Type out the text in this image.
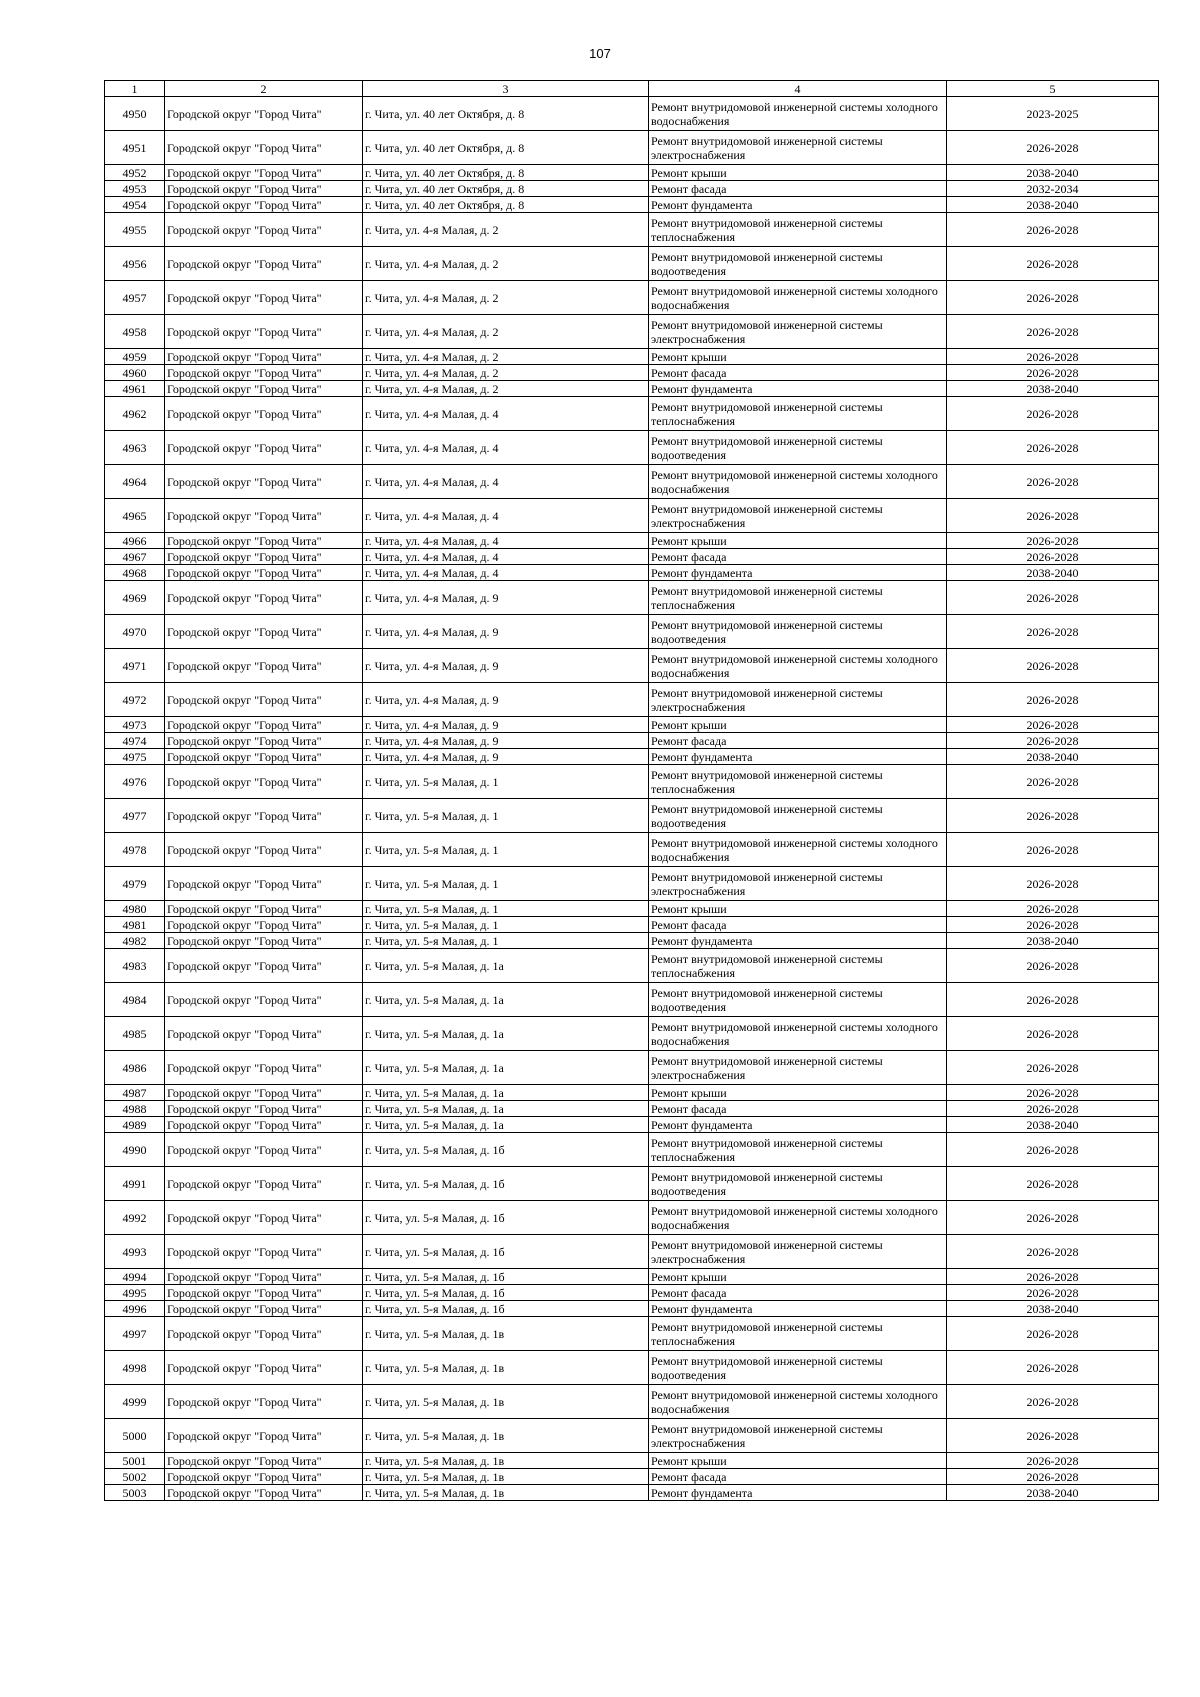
107
1	2	3	4	5
4950	Городской округ "Город Чита"	г. Чита, ул. 40 лет Октября, д. 8	Ремонт внутридомовой инженерной системы холодного водоснабжения	2023-2025
4951	Городской округ "Город Чита"	г. Чита, ул. 40 лет Октября, д. 8	Ремонт внутридомовой инженерной системы электроснабжения	2026-2028
4952	Городской округ "Город Чита"	г. Чита, ул. 40 лет Октября, д. 8	Ремонт крыши	2038-2040
4953	Городской округ "Город Чита"	г. Чита, ул. 40 лет Октября, д. 8	Ремонт фасада	2032-2034
4954	Городской округ "Город Чита"	г. Чита, ул. 40 лет Октября, д. 8	Ремонт фундамента	2038-2040
4955	Городской округ "Город Чита"	г. Чита, ул. 4-я Малая, д. 2	Ремонт внутридомовой инженерной системы теплоснабжения	2026-2028
4956	Городской округ "Город Чита"	г. Чита, ул. 4-я Малая, д. 2	Ремонт внутридомовой инженерной системы водоотведения	2026-2028
4957	Городской округ "Город Чита"	г. Чита, ул. 4-я Малая, д. 2	Ремонт внутридомовой инженерной системы холодного водоснабжения	2026-2028
4958	Городской округ "Город Чита"	г. Чита, ул. 4-я Малая, д. 2	Ремонт внутридомовой инженерной системы электроснабжения	2026-2028
4959	Городской округ "Город Чита"	г. Чита, ул. 4-я Малая, д. 2	Ремонт крыши	2026-2028
4960	Городской округ "Город Чита"	г. Чита, ул. 4-я Малая, д. 2	Ремонт фасада	2026-2028
4961	Городской округ "Город Чита"	г. Чита, ул. 4-я Малая, д. 2	Ремонт фундамента	2038-2040
4962	Городской округ "Город Чита"	г. Чита, ул. 4-я Малая, д. 4	Ремонт внутридомовой инженерной системы теплоснабжения	2026-2028
4963	Городской округ "Город Чита"	г. Чита, ул. 4-я Малая, д. 4	Ремонт внутридомовой инженерной системы водоотведения	2026-2028
4964	Городской округ "Город Чита"	г. Чита, ул. 4-я Малая, д. 4	Ремонт внутридомовой инженерной системы холодного водоснабжения	2026-2028
4965	Городской округ "Город Чита"	г. Чита, ул. 4-я Малая, д. 4	Ремонт внутридомовой инженерной системы электроснабжения	2026-2028
4966	Городской округ "Город Чита"	г. Чита, ул. 4-я Малая, д. 4	Ремонт крыши	2026-2028
4967	Городской округ "Город Чита"	г. Чита, ул. 4-я Малая, д. 4	Ремонт фасада	2026-2028
4968	Городской округ "Город Чита"	г. Чита, ул. 4-я Малая, д. 4	Ремонт фундамента	2038-2040
4969	Городской округ "Город Чита"	г. Чита, ул. 4-я Малая, д. 9	Ремонт внутридомовой инженерной системы теплоснабжения	2026-2028
4970	Городской округ "Город Чита"	г. Чита, ул. 4-я Малая, д. 9	Ремонт внутридомовой инженерной системы водоотведения	2026-2028
4971	Городской округ "Город Чита"	г. Чита, ул. 4-я Малая, д. 9	Ремонт внутридомовой инженерной системы холодного водоснабжения	2026-2028
4972	Городской округ "Город Чита"	г. Чита, ул. 4-я Малая, д. 9	Ремонт внутридомовой инженерной системы электроснабжения	2026-2028
4973	Городской округ "Город Чита"	г. Чита, ул. 4-я Малая, д. 9	Ремонт крыши	2026-2028
4974	Городской округ "Город Чита"	г. Чита, ул. 4-я Малая, д. 9	Ремонт фасада	2026-2028
4975	Городской округ "Город Чита"	г. Чита, ул. 4-я Малая, д. 9	Ремонт фундамента	2038-2040
4976	Городской округ "Город Чита"	г. Чита, ул. 5-я Малая, д. 1	Ремонт внутридомовой инженерной системы теплоснабжения	2026-2028
4977	Городской округ "Город Чита"	г. Чита, ул. 5-я Малая, д. 1	Ремонт внутридомовой инженерной системы водоотведения	2026-2028
4978	Городской округ "Город Чита"	г. Чита, ул. 5-я Малая, д. 1	Ремонт внутридомовой инженерной системы холодного водоснабжения	2026-2028
4979	Городской округ "Город Чита"	г. Чита, ул. 5-я Малая, д. 1	Ремонт внутридомовой инженерной системы электроснабжения	2026-2028
4980	Городской округ "Город Чита"	г. Чита, ул. 5-я Малая, д. 1	Ремонт крыши	2026-2028
4981	Городской округ "Город Чита"	г. Чита, ул. 5-я Малая, д. 1	Ремонт фасада	2026-2028
4982	Городской округ "Город Чита"	г. Чита, ул. 5-я Малая, д. 1	Ремонт фундамента	2038-2040
4983	Городской округ "Город Чита"	г. Чита, ул. 5-я Малая, д. 1а	Ремонт внутридомовой инженерной системы теплоснабжения	2026-2028
4984	Городской округ "Город Чита"	г. Чита, ул. 5-я Малая, д. 1а	Ремонт внутридомовой инженерной системы водоотведения	2026-2028
4985	Городской округ "Город Чита"	г. Чита, ул. 5-я Малая, д. 1а	Ремонт внутридомовой инженерной системы холодного водоснабжения	2026-2028
4986	Городской округ "Город Чита"	г. Чита, ул. 5-я Малая, д. 1а	Ремонт внутридомовой инженерной системы электроснабжения	2026-2028
4987	Городской округ "Город Чита"	г. Чита, ул. 5-я Малая, д. 1а	Ремонт крыши	2026-2028
4988	Городской округ "Город Чита"	г. Чита, ул. 5-я Малая, д. 1а	Ремонт фасада	2026-2028
4989	Городской округ "Город Чита"	г. Чита, ул. 5-я Малая, д. 1а	Ремонт фундамента	2038-2040
4990	Городской округ "Город Чита"	г. Чита, ул. 5-я Малая, д. 1б	Ремонт внутридомовой инженерной системы теплоснабжения	2026-2028
4991	Городской округ "Город Чита"	г. Чита, ул. 5-я Малая, д. 1б	Ремонт внутридомовой инженерной системы водоотведения	2026-2028
4992	Городской округ "Город Чита"	г. Чита, ул. 5-я Малая, д. 1б	Ремонт внутридомовой инженерной системы холодного водоснабжения	2026-2028
4993	Городской округ "Город Чита"	г. Чита, ул. 5-я Малая, д. 1б	Ремонт внутридомовой инженерной системы электроснабжения	2026-2028
4994	Городской округ "Город Чита"	г. Чита, ул. 5-я Малая, д. 1б	Ремонт крыши	2026-2028
4995	Городской округ "Город Чита"	г. Чита, ул. 5-я Малая, д. 1б	Ремонт фасада	2026-2028
4996	Городской округ "Город Чита"	г. Чита, ул. 5-я Малая, д. 1б	Ремонт фундамента	2038-2040
4997	Городской округ "Город Чита"	г. Чита, ул. 5-я Малая, д. 1в	Ремонт внутридомовой инженерной системы теплоснабжения	2026-2028
4998	Городской округ "Город Чита"	г. Чита, ул. 5-я Малая, д. 1в	Ремонт внутридомовой инженерной системы водоотведения	2026-2028
4999	Городской округ "Город Чита"	г. Чита, ул. 5-я Малая, д. 1в	Ремонт внутридомовой инженерной системы холодного водоснабжения	2026-2028
5000	Городской округ "Город Чита"	г. Чита, ул. 5-я Малая, д. 1в	Ремонт внутридомовой инженерной системы электроснабжения	2026-2028
5001	Городской округ "Город Чита"	г. Чита, ул. 5-я Малая, д. 1в	Ремонт крыши	2026-2028
5002	Городской округ "Город Чита"	г. Чита, ул. 5-я Малая, д. 1в	Ремонт фасада	2026-2028
5003	Городской округ "Город Чита"	г. Чита, ул. 5-я Малая, д. 1в	Ремонт фундамента	2038-2040
